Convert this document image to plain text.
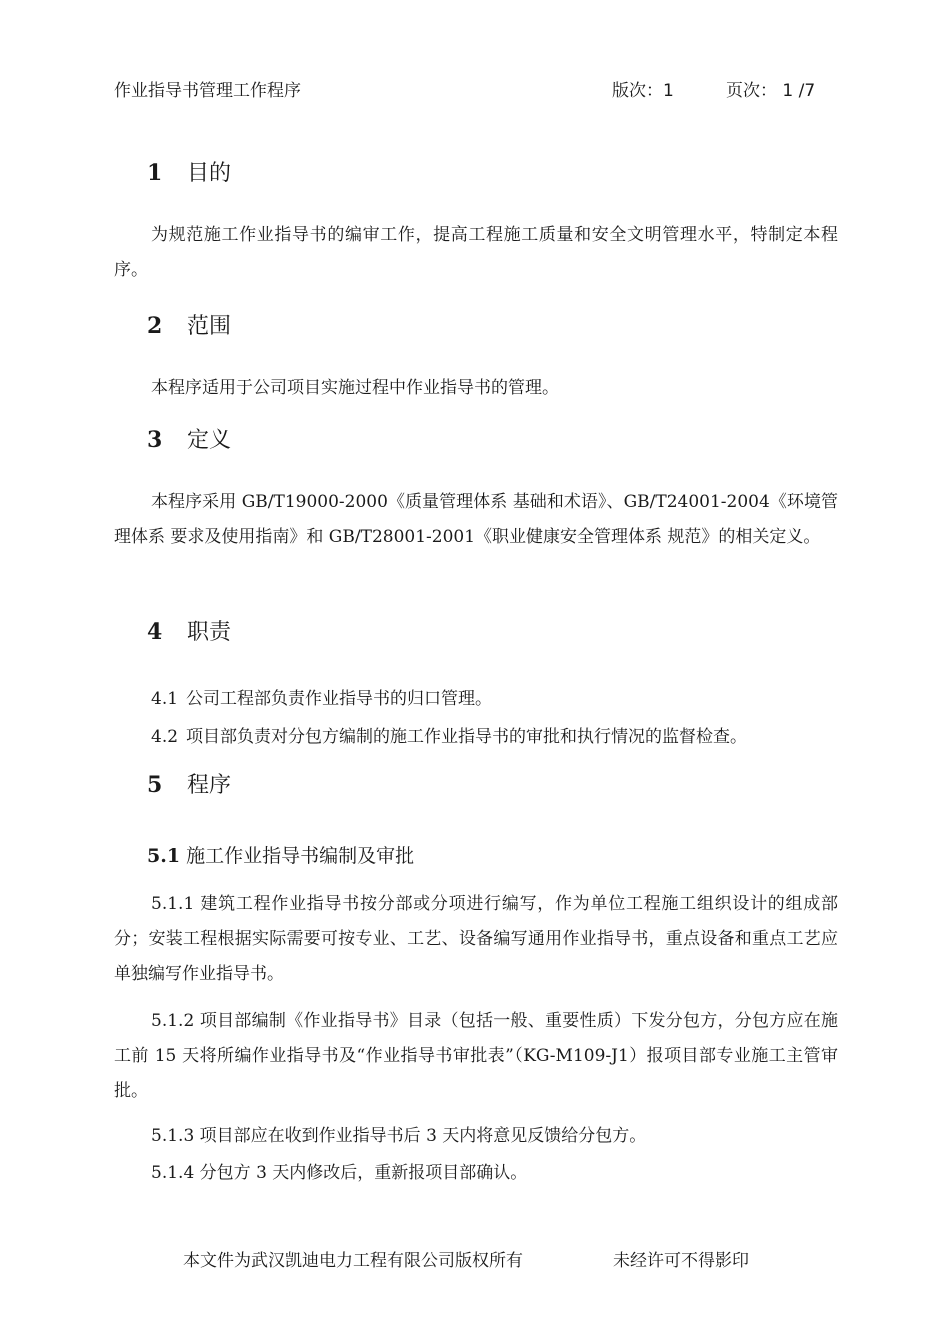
作业指导书管理工作程序	版次：1	页次： 1 /7
1 目的

为规范施工作业指导书的编审工作，提高工程施工质量和安全文明管理水平，特制定本程序。

2 范围

本程序适用于公司项目实施过程中作业指导书的管理。

3 定义

本程序采用 GB/T19000-2000《质量管理体系 基础和术语》、GB/T24001-2004《环境管理体系 要求及使用指南》和 GB/T28001-2001《职业健康安全管理体系 规范》的相关定义。

4 职责
4.1 公司工程部负责作业指导书的归口管理。
4.2 项目部负责对分包方编制的施工作业指导书的审批和执行情况的监督检查。
5 程序
5.1 施工作业指导书编制及审批

5.1.1 建筑工程作业指导书按分部或分项进行编写，作为单位工程施工组织设计的组成部分；安装工程根据实际需要可按专业、工艺、设备编写通用作业指导书，重点设备和重点工艺应单独编写作业指导书。

5.1.2 项目部编制《作业指导书》目录（包括一般、重要性质）下发分包方，分包方应在施工前 15 天将所编作业指导书及“作业指导书审批表”（KG-M109-J1）报项目部专业施工主管审批。

5.1.3 项目部应在收到作业指导书后 3 天内将意见反馈给分包方。

5.1.4 分包方 3 天内修改后，重新报项目部确认。

本文件为武汉凯迪电力工程有限公司版权所有	未经许可不得影印
